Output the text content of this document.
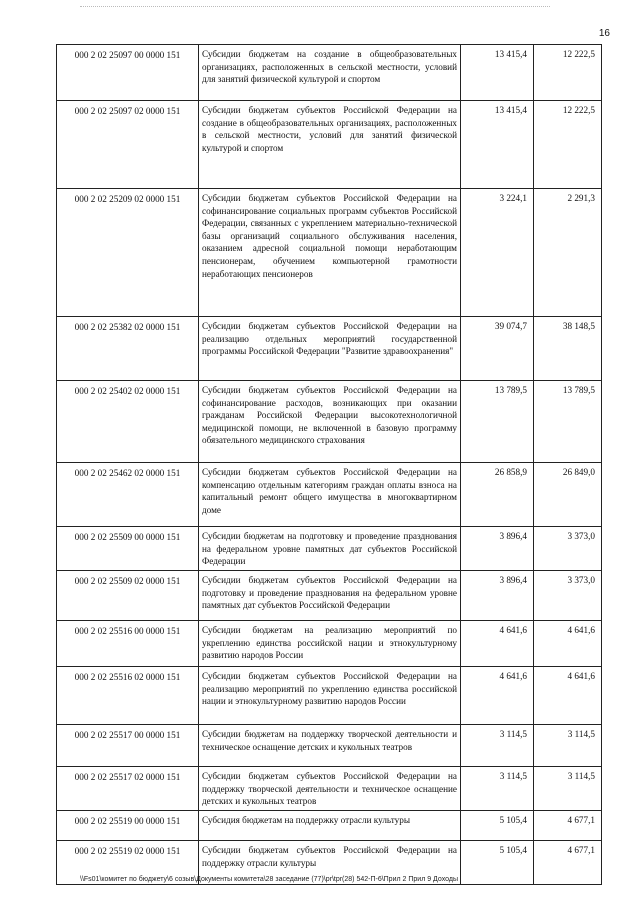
16
000 2 02 25097 00 0000 151	Субсидии бюджетам на создание в общеобразовательных организациях, расположенных в сельской местности, условий для занятий физической культурой и спортом	13 415,4	12 222,5
000 2 02 25097 02 0000 151	Субсидии бюджетам субъектов Российской Федерации на создание в общеобразовательных организациях, расположенных в сельской местности, условий для занятий физической культурой и спортом	13 415,4	12 222,5
000 2 02 25209 02 0000 151	Субсидии бюджетам субъектов Российской Федерации на софинансирование социальных программ субъектов Российской Федерации, связанных с укреплением материально-технической базы организаций социального обслуживания населения, оказанием адресной социальной помощи неработающим пенсионерам, обучением компьютерной грамотности неработающих пенсионеров	3 224,1	2 291,3
000 2 02 25382 02 0000 151	Субсидии бюджетам субъектов Российской Федерации на реализацию отдельных мероприятий государственной программы Российской Федерации "Развитие здравоохранения"	39 074,7	38 148,5
000 2 02 25402 02 0000 151	Субсидии бюджетам субъектов Российской Федерации на софинансирование расходов, возникающих при оказании гражданам Российской Федерации высокотехнологичной медицинской помощи, не включенной в базовую программу обязательного медицинского страхования	13 789,5	13 789,5
000 2 02 25462 02 0000 151	Субсидии бюджетам субъектов Российской Федерации на компенсацию отдельным категориям граждан оплаты взноса на капитальный ремонт общего имущества в многоквартирном доме	26 858,9	26 849,0
000 2 02 25509 00 0000 151	Субсидии бюджетам на подготовку и проведение празднования на федеральном уровне памятных дат субъектов Российской Федерации	3 896,4	3 373,0
000 2 02 25509 02 0000 151	Субсидии бюджетам субъектов Российской Федерации на подготовку и проведение празднования на федеральном уровне памятных дат субъектов Российской Федерации	3 896,4	3 373,0
000 2 02 25516 00 0000 151	Субсидии бюджетам на реализацию мероприятий по укреплению единства российской нации и этнокультурному развитию народов России	4 641,6	4 641,6
000 2 02 25516 02 0000 151	Субсидии бюджетам субъектов Российской Федерации на реализацию мероприятий по укреплению единства российской нации и этнокультурному развитию народов России	4 641,6	4 641,6
000 2 02 25517 00 0000 151	Субсидии бюджетам на поддержку творческой деятельности и техническое оснащение детских и кукольных театров	3 114,5	3 114,5
000 2 02 25517 02 0000 151	Субсидии бюджетам субъектов Российской Федерации на поддержку творческой деятельности и техническое оснащение детских и кукольных театров	3 114,5	3 114,5
000 2 02 25519 00 0000 151	Субсидия бюджетам на поддержку отрасли культуры	5 105,4	4 677,1
000 2 02 25519 02 0000 151	Субсидии бюджетам субъектов Российской Федерации на поддержку отрасли культуры	5 105,4	4 677,1
\\Fs01\комитет по бюджету\6 созыв\Документы комитета\28 заседание (77)\pr\tpr(28) 542-П-6\Прил 2 Прил 9 Доходы
